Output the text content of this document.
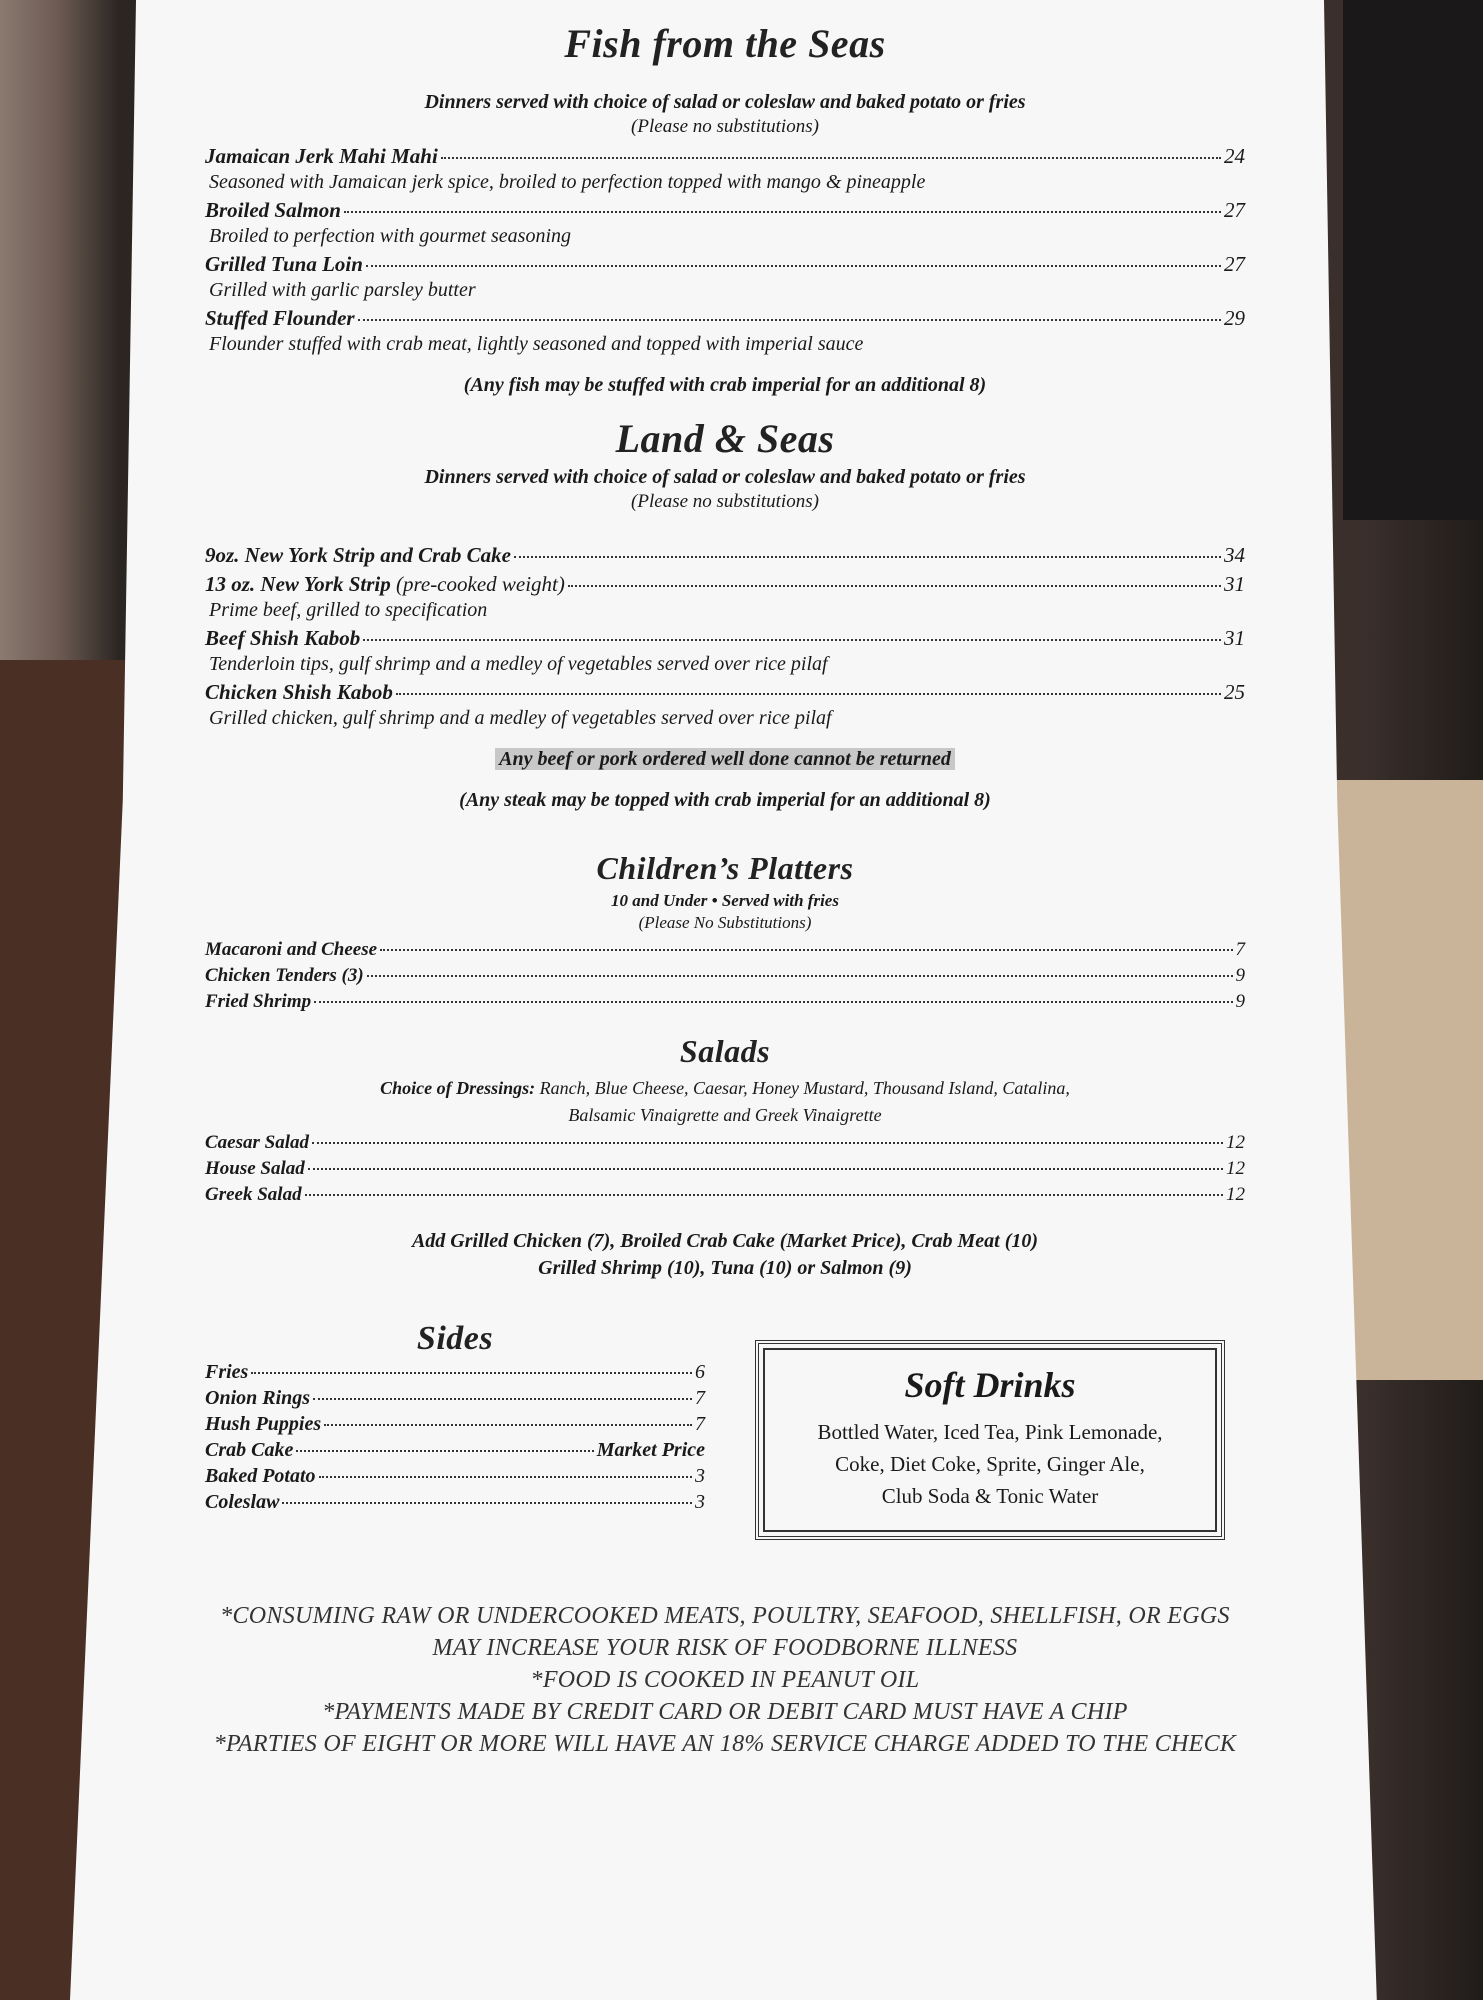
Fish from the Seas
Dinners served with choice of salad or coleslaw and baked potato or fries
(Please no substitutions)
Jamaican Jerk Mahi Mahi	24
Seasoned with Jamaican jerk spice, broiled to perfection topped with mango & pineapple
Broiled Salmon	27
Broiled to perfection with gourmet seasoning
Grilled Tuna Loin	27
Grilled with garlic parsley butter
Stuffed Flounder	29
Flounder stuffed with crab meat, lightly seasoned and topped with imperial sauce
(Any fish may be stuffed with crab imperial for an additional 8)
Land & Seas
Dinners served with choice of salad or coleslaw and baked potato or fries
(Please no substitutions)
9oz. New York Strip and Crab Cake	34
13 oz. New York Strip (pre-cooked weight)	31
Prime beef, grilled to specification
Beef Shish Kabob	31
Tenderloin tips, gulf shrimp and a medley of vegetables served over rice pilaf
Chicken Shish Kabob	25
Grilled chicken, gulf shrimp and a medley of vegetables served over rice pilaf
Any beef or pork ordered well done cannot be returned
(Any steak may be topped with crab imperial for an additional 8)
Children’s Platters
10 and Under • Served with fries
(Please No Substitutions)
Macaroni and Cheese	7
Chicken Tenders (3)	9
Fried Shrimp	9
Salads
Choice of Dressings: Ranch, Blue Cheese, Caesar, Honey Mustard, Thousand Island, Catalina,
Balsamic Vinaigrette and Greek Vinaigrette
Caesar Salad	12
House Salad	12
Greek Salad	12
Add Grilled Chicken (7), Broiled Crab Cake (Market Price), Crab Meat (10)
Grilled Shrimp (10), Tuna (10) or Salmon (9)
Sides
Fries	6
Onion Rings	7
Hush Puppies	7
Crab Cake	Market Price
Baked Potato	3
Coleslaw	3
Soft Drinks
Bottled Water, Iced Tea, Pink Lemonade,
Coke, Diet Coke, Sprite, Ginger Ale,
Club Soda & Tonic Water
*CONSUMING RAW OR UNDERCOOKED MEATS, POULTRY, SEAFOOD, SHELLFISH, OR EGGS
MAY INCREASE YOUR RISK OF FOODBORNE ILLNESS
*FOOD IS COOKED IN PEANUT OIL
*PAYMENTS MADE BY CREDIT CARD OR DEBIT CARD MUST HAVE A CHIP
*PARTIES OF EIGHT OR MORE WILL HAVE AN 18% SERVICE CHARGE ADDED TO THE CHECK
